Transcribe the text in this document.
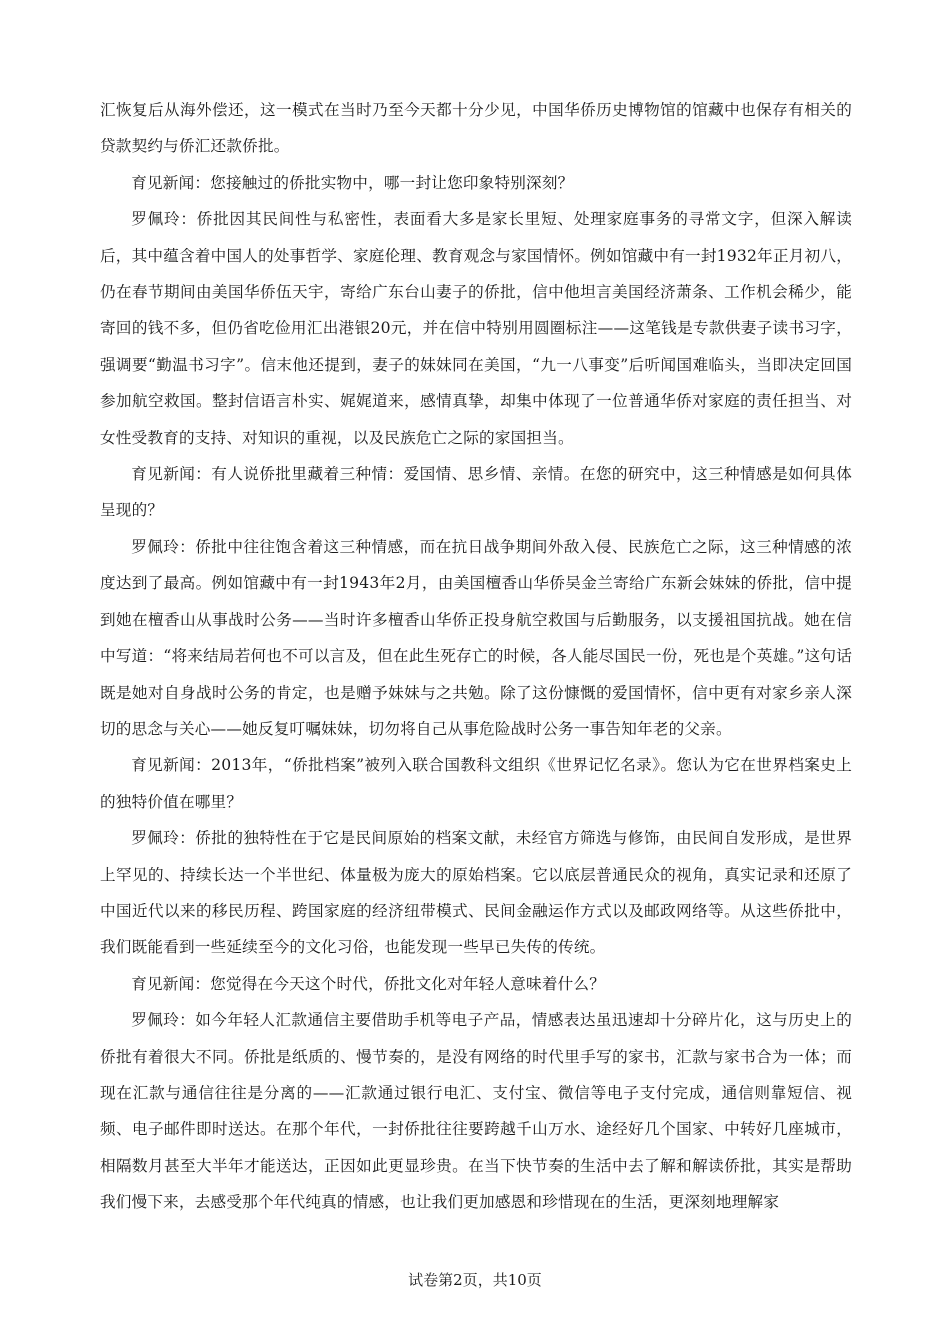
汇恢复后从海外偿还，这一模式在当时乃至今天都十分少见，中国华侨历史博物馆的馆藏中也保存有相关的贷款契约与侨汇还款侨批。

育见新闻：您接触过的侨批实物中，哪一封让您印象特别深刻？

罗佩玲：侨批因其民间性与私密性，表面看大多是家长里短、处理家庭事务的寻常文字，但深入解读后，其中蕴含着中国人的处事哲学、家庭伦理、教育观念与家国情怀。例如馆藏中有一封1932年正月初八，仍在春节期间由美国华侨伍天宇，寄给广东台山妻子的侨批，信中他坦言美国经济萧条、工作机会稀少，能寄回的钱不多，但仍省吃俭用汇出港银20元，并在信中特别用圆圈标注——这笔钱是专款供妻子读书习字，强调要“勤温书习字”。信末他还提到，妻子的妹妹同在美国，“九一八事变”后听闻国难临头，当即决定回国参加航空救国。整封信语言朴实、娓娓道来，感情真挚，却集中体现了一位普通华侨对家庭的责任担当、对女性受教育的支持、对知识的重视，以及民族危亡之际的家国担当。

育见新闻：有人说侨批里藏着三种情：爱国情、思乡情、亲情。在您的研究中，这三种情感是如何具体呈现的？

罗佩玲：侨批中往往饱含着这三种情感，而在抗日战争期间外敌入侵、民族危亡之际，这三种情感的浓度达到了最高。例如馆藏中有一封1943年2月，由美国檀香山华侨吴金兰寄给广东新会妹妹的侨批，信中提到她在檀香山从事战时公务——当时许多檀香山华侨正投身航空救国与后勤服务，以支援祖国抗战。她在信中写道：“将来结局若何也不可以言及，但在此生死存亡的时候，各人能尽国民一份，死也是个英雄。”这句话既是她对自身战时公务的肯定，也是赠予妹妹与之共勉。除了这份慷慨的爱国情怀，信中更有对家乡亲人深切的思念与关心——她反复叮嘱妹妹，切勿将自己从事危险战时公务一事告知年老的父亲。

育见新闻：2013年，“侨批档案”被列入联合国教科文组织《世界记忆名录》。您认为它在世界档案史上的独特价值在哪里？

罗佩玲：侨批的独特性在于它是民间原始的档案文献，未经官方筛选与修饰，由民间自发形成，是世界上罕见的、持续长达一个半世纪、体量极为庞大的原始档案。它以底层普通民众的视角，真实记录和还原了中国近代以来的移民历程、跨国家庭的经济纽带模式、民间金融运作方式以及邮政网络等。从这些侨批中，我们既能看到一些延续至今的文化习俗，也能发现一些早已失传的传统。

育见新闻：您觉得在今天这个时代，侨批文化对年轻人意味着什么？

罗佩玲：如今年轻人汇款通信主要借助手机等电子产品，情感表达虽迅速却十分碎片化，这与历史上的侨批有着很大不同。侨批是纸质的、慢节奏的，是没有网络的时代里手写的家书，汇款与家书合为一体；而现在汇款与通信往往是分离的——汇款通过银行电汇、支付宝、微信等电子支付完成，通信则靠短信、视频、电子邮件即时送达。在那个年代，一封侨批往往要跨越千山万水、途经好几个国家、中转好几座城市，相隔数月甚至大半年才能送达，正因如此更显珍贵。在当下快节奏的生活中去了解和解读侨批，其实是帮助我们慢下来，去感受那个年代纯真的情感，也让我们更加感恩和珍惜现在的生活，更深刻地理解家

试卷第2页，共10页
